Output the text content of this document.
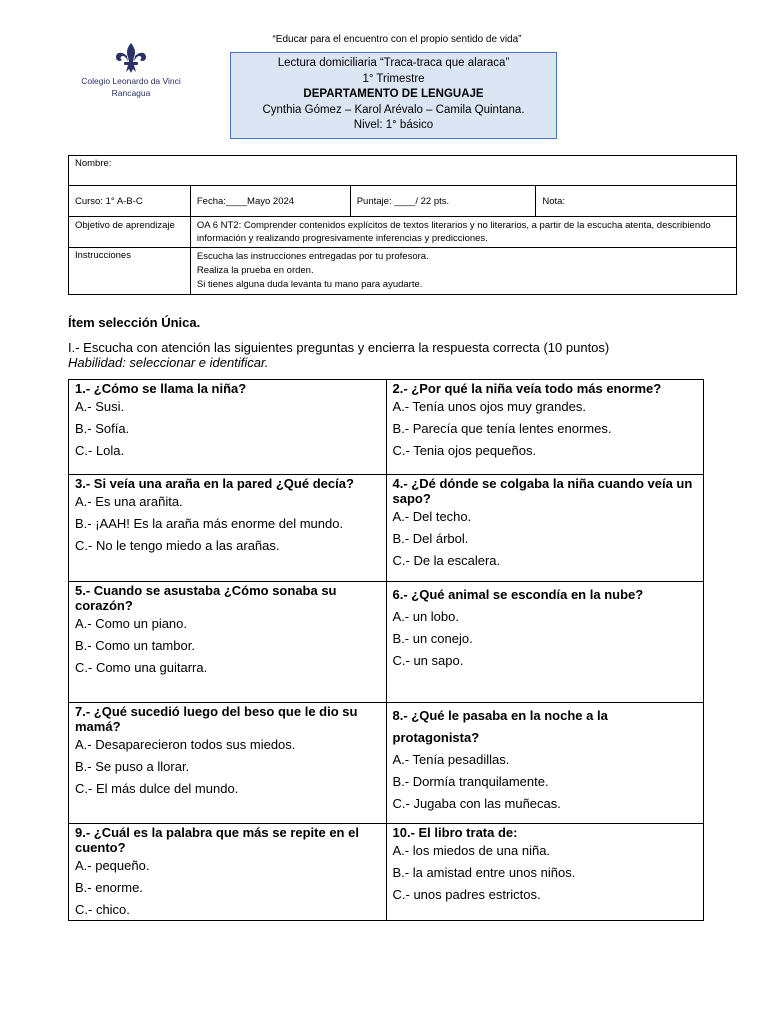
“Educar para el encuentro con el propio sentido de vida”
Colegio Leonardo da Vinci
Rancagua
Lectura domiciliaria “Traca-traca que alaraca”
1° Trimestre
DEPARTAMENTO DE LENGUAJE
Cynthia Gómez – Karol Arévalo – Camila Quintana.
Nivel: 1° básico
Nombre:			
Curso: 1° A-B-C	Fecha:____Mayo 2024	Puntaje: ____/ 22 pts.	Nota:
Objetivo de aprendizaje	OA 6 NT2: Comprender contenidos explícitos de textos literarios y no literarios, a partir de la escucha atenta, describiendo información y realizando progresivamente inferencias y predicciones.		
Instrucciones	Escucha las instrucciones entregadas por tu profesora.
Realiza la prueba en orden.
Si tienes alguna duda levanta tu mano para ayudarte.		
Ítem selección Única.
I.- Escucha con atención las siguientes preguntas y encierra la respuesta correcta (10 puntos)
Habilidad: seleccionar e identificar.
1.- ¿Cómo se llama la niña?
A.- Susi.
B.- Sofía.
C.- Lola.
2.- ¿Por qué la niña veía todo más enorme?
A.- Tenía unos ojos muy grandes.
B.- Parecía que tenía lentes enormes.
C.- Tenia ojos pequeños.
3.- Si veía una araña en la pared ¿Qué decía?
A.- Es una arañita.
B.- ¡AAH! Es la araña más enorme del mundo.
C.- No le tengo miedo a las arañas.
4.- ¿Dé dónde se colgaba la niña cuando veía un sapo?
A.- Del techo.
B.- Del árbol.
C.- De la escalera.
5.- Cuando se asustaba ¿Cómo sonaba su corazón?
A.- Como un piano.
B.- Como un tambor.
C.- Como una guitarra.
6.- ¿Qué animal se escondía en la nube?
A.- un lobo.
B.- un conejo.
C.- un sapo.
7.- ¿Qué sucedió luego del beso que le dio su mamá?
A.- Desaparecieron todos sus miedos.
B.- Se puso a llorar.
C.- El más dulce del mundo.
8.- ¿Qué le pasaba en la noche a la protagonista?
A.- Tenía pesadillas.
B.- Dormía tranquilamente.
C.- Jugaba con las muñecas.
9.- ¿Cuál es la palabra que más se repite en el cuento?
A.- pequeño.
B.- enorme.
C.- chico.
10.- El libro trata de:
A.- los miedos de una niña.
B.- la amistad entre unos niños.
C.- unos padres estrictos.
